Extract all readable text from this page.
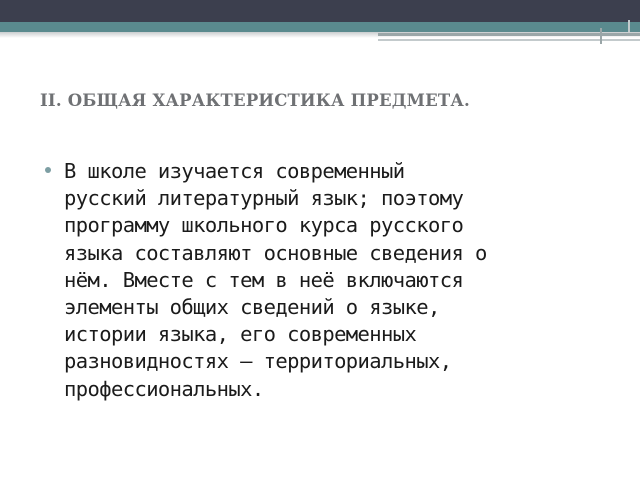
II. ОБЩАЯ ХАРАКТЕРИСТИКА ПРЕДМЕТА.
В школе изучается современный
русский литературный язык; поэтому
программу школьного курса русского
языка составляют основные сведения о
нём. Вместе с тем в неё включаются
элементы общих сведений о языке,
истории языка, его современных
разновидностях — территориальных,
профессиональных.
